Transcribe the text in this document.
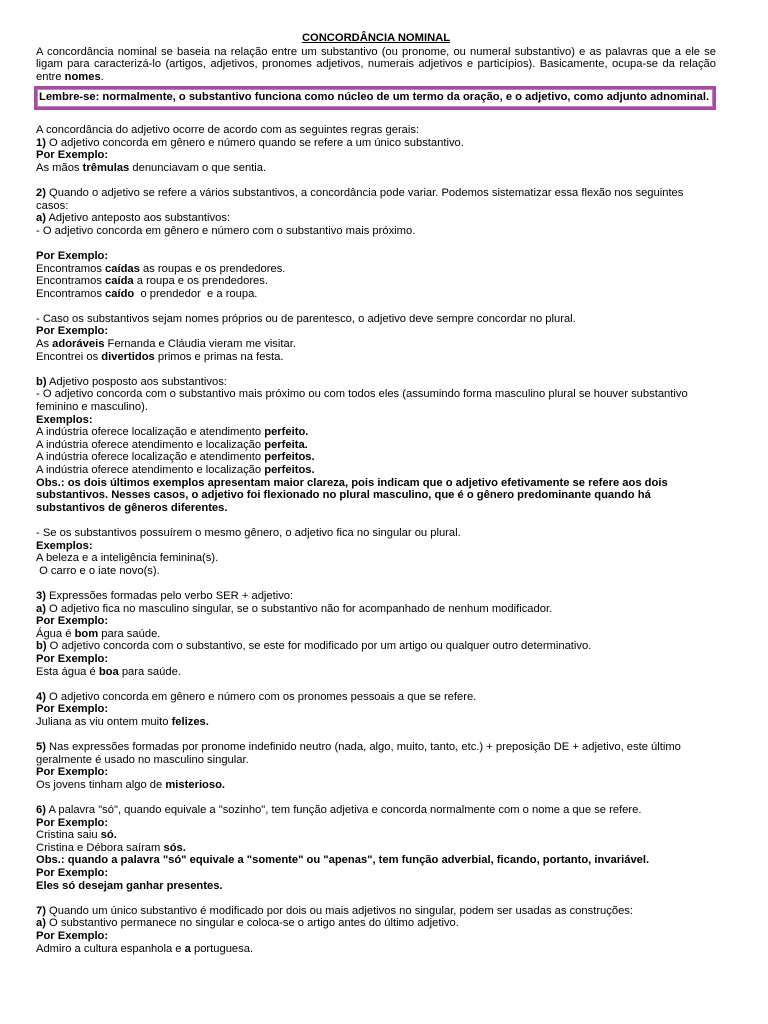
CONCORDÂNCIA NOMINAL
A concordância nominal se baseia na relação entre um substantivo (ou pronome, ou numeral substantivo) e as palavras que a ele se ligam para caracterizá-lo (artigos, adjetivos, pronomes adjetivos, numerais adjetivos e particípios). Basicamente, ocupa-se da relação entre nomes.
Lembre-se: normalmente, o substantivo funciona como núcleo de um termo da oração, e o adjetivo, como adjunto adnominal.
A concordância do adjetivo ocorre de acordo com as seguintes regras gerais:
1) O adjetivo concorda em gênero e número quando se refere a um único substantivo.
Por Exemplo:
As mãos trêmulas denunciavam o que sentia.
2) Quando o adjetivo se refere a vários substantivos, a concordância pode variar. Podemos sistematizar essa flexão nos seguintes casos:
a) Adjetivo anteposto aos substantivos:
- O adjetivo concorda em gênero e número com o substantivo mais próximo.
Por Exemplo:
Encontramos caídas as roupas e os prendedores.
Encontramos caída a roupa e os prendedores.
Encontramos caído  o prendedor  e a roupa.
- Caso os substantivos sejam nomes próprios ou de parentesco, o adjetivo deve sempre concordar no plural.
Por Exemplo:
As adoráveis Fernanda e Cláudia vieram me visitar.
Encontrei os divertidos primos e primas na festa.
b) Adjetivo posposto aos substantivos:
- O adjetivo concorda com o substantivo mais próximo ou com todos eles (assumindo forma masculino plural se houver substantivo feminino e masculino).
Exemplos:
A indústria oferece localização e atendimento perfeito.
A indústria oferece atendimento e localização perfeita.
A indústria oferece localização e atendimento perfeitos.
A indústria oferece atendimento e localização perfeitos.
Obs.: os dois últimos exemplos apresentam maior clareza, pois indicam que o adjetivo efetivamente se refere aos dois substantivos. Nesses casos, o adjetivo foi flexionado no plural masculino, que é o gênero predominante quando há substantivos de gêneros diferentes.
- Se os substantivos possuírem o mesmo gênero, o adjetivo fica no singular ou plural.
Exemplos:
A beleza e a inteligência feminina(s).
O carro e o iate novo(s).
3) Expressões formadas pelo verbo SER + adjetivo:
a) O adjetivo fica no masculino singular, se o substantivo não for acompanhado de nenhum modificador.
Por Exemplo:
Água é bom para saúde.
b) O adjetivo concorda com o substantivo, se este for modificado por um artigo ou qualquer outro determinativo.
Por Exemplo:
Esta água é boa para saúde.
4) O adjetivo concorda em gênero e número com os pronomes pessoais a que se refere.
Por Exemplo:
Juliana as viu ontem muito felizes.
5) Nas expressões formadas por pronome indefinido neutro (nada, algo, muito, tanto, etc.) + preposição DE + adjetivo, este último geralmente é usado no masculino singular.
Por Exemplo:
Os jovens tinham algo de misterioso.
6) A palavra "só", quando equivale a "sozinho", tem função adjetiva e concorda normalmente com o nome a que se refere.
Por Exemplo:
Cristina saiu só.
Cristina e Débora saíram sós.
Obs.: quando a palavra "só" equivale a "somente" ou "apenas", tem função adverbial, ficando, portanto, invariável.
Por Exemplo:
Eles só desejam ganhar presentes.
7) Quando um único substantivo é modificado por dois ou mais adjetivos no singular, podem ser usadas as construções:
a) O substantivo permanece no singular e coloca-se o artigo antes do último adjetivo.
Por Exemplo:
Admiro a cultura espanhola e a portuguesa.
